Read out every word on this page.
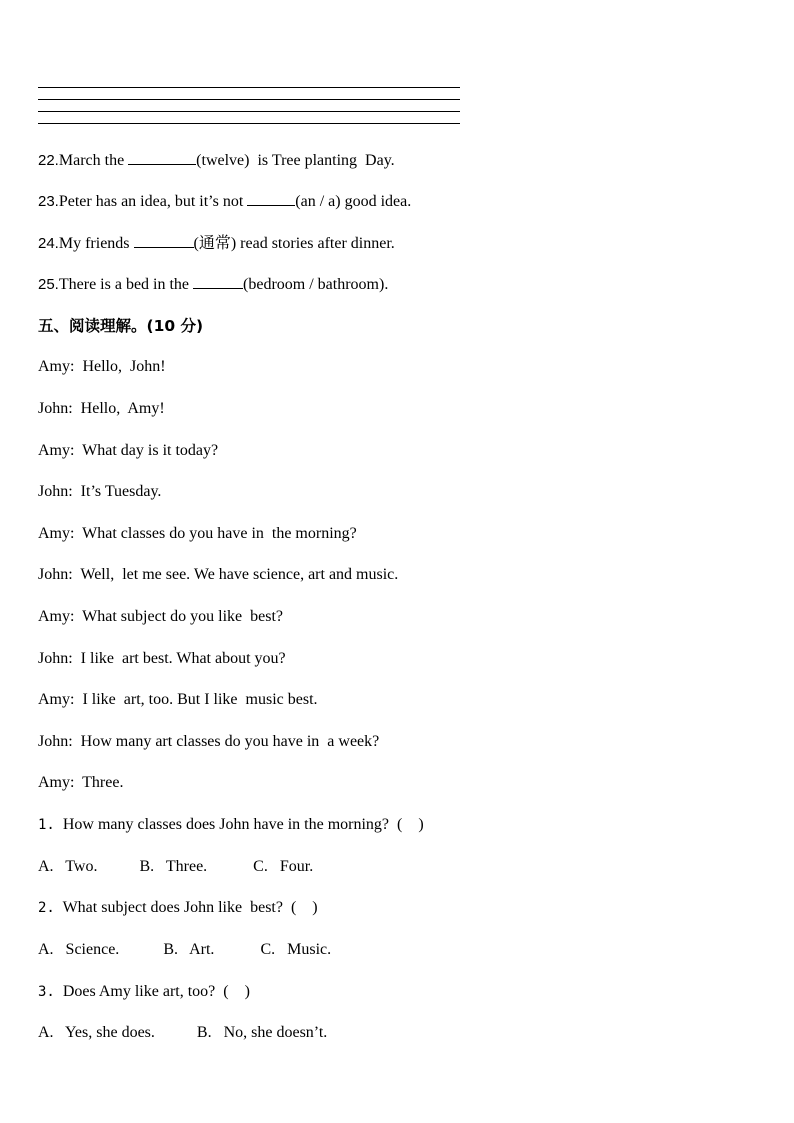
22.March the	(twelve)  is Tree planting  Day.
23.Peter has an idea, but it’s not	(an / a) good idea.
24.My friends	(通常) read stories after dinner.
25.There is a bed in the	(bedroom / bathroom).
五、阅读理解。(10 分)
Amy:  Hello,  John!
John:  Hello,  Amy!
Amy:  What day is it today?
John:  It’s Tuesday.
Amy:  What classes do you have in  the morning?
John:  Well,  let me see. We have science, art and music.
Amy:  What subject do you like  best?
John:  I like  art best. What about you?
Amy:  I like  art, too. But I like  music best.
John:  How many art classes do you have in  a week?
Amy:  Three.
1. How many classes does John have in the morning?  (    )
A.   Two.	B.   Three.	C.   Four.
2. What subject does John like  best?  (    )
A.   Science.	B.   Art.	C.   Music.
3. Does Amy like art, too?  (    )
A.   Yes, she does.	B.   No, she doesn’t.
